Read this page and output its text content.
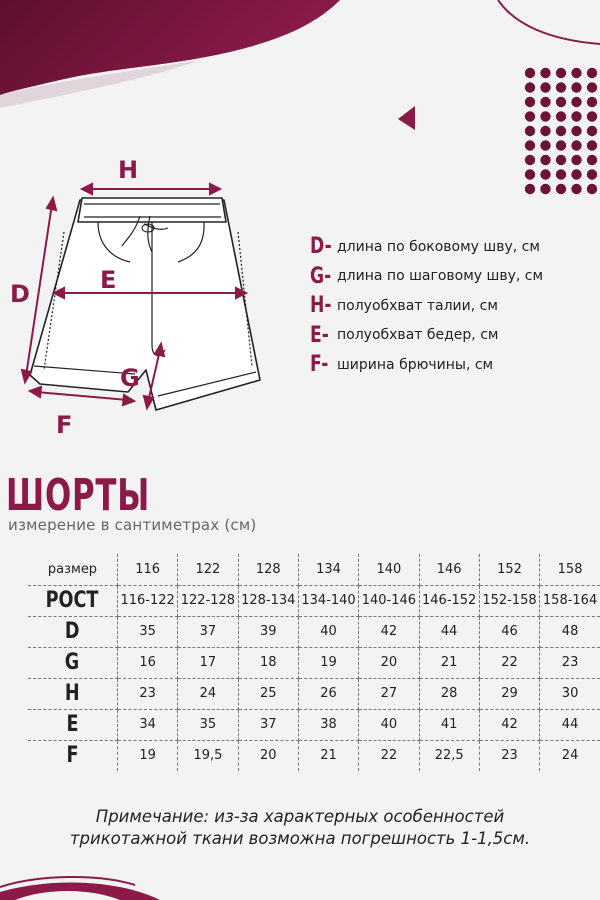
H
D	E
G
F
D- длина по боковому шву, см
G- длина по шаговому шву, см
H- полуобхват талии, см
E- полуобхват бедер, см
F- ширина брючины, см
ШОРТЫ
измерение в сантиметрах (см)
размер	116	122	128	134	140	146	152	158
РОСТ	116-122	122-128	128-134	134-140	140-146	146-152	152-158	158-164
D	35	37	39	40	42	44	46	48
G	16	17	18	19	20	21	22	23
H	23	24	25	26	27	28	29	30
E	34	35	37	38	40	41	42	44
F	19	19,5	20	21	22	22,5	23	24
Примечание: из-за характерных особенностей
трикотажной ткани возможна погрешность 1-1,5см.
